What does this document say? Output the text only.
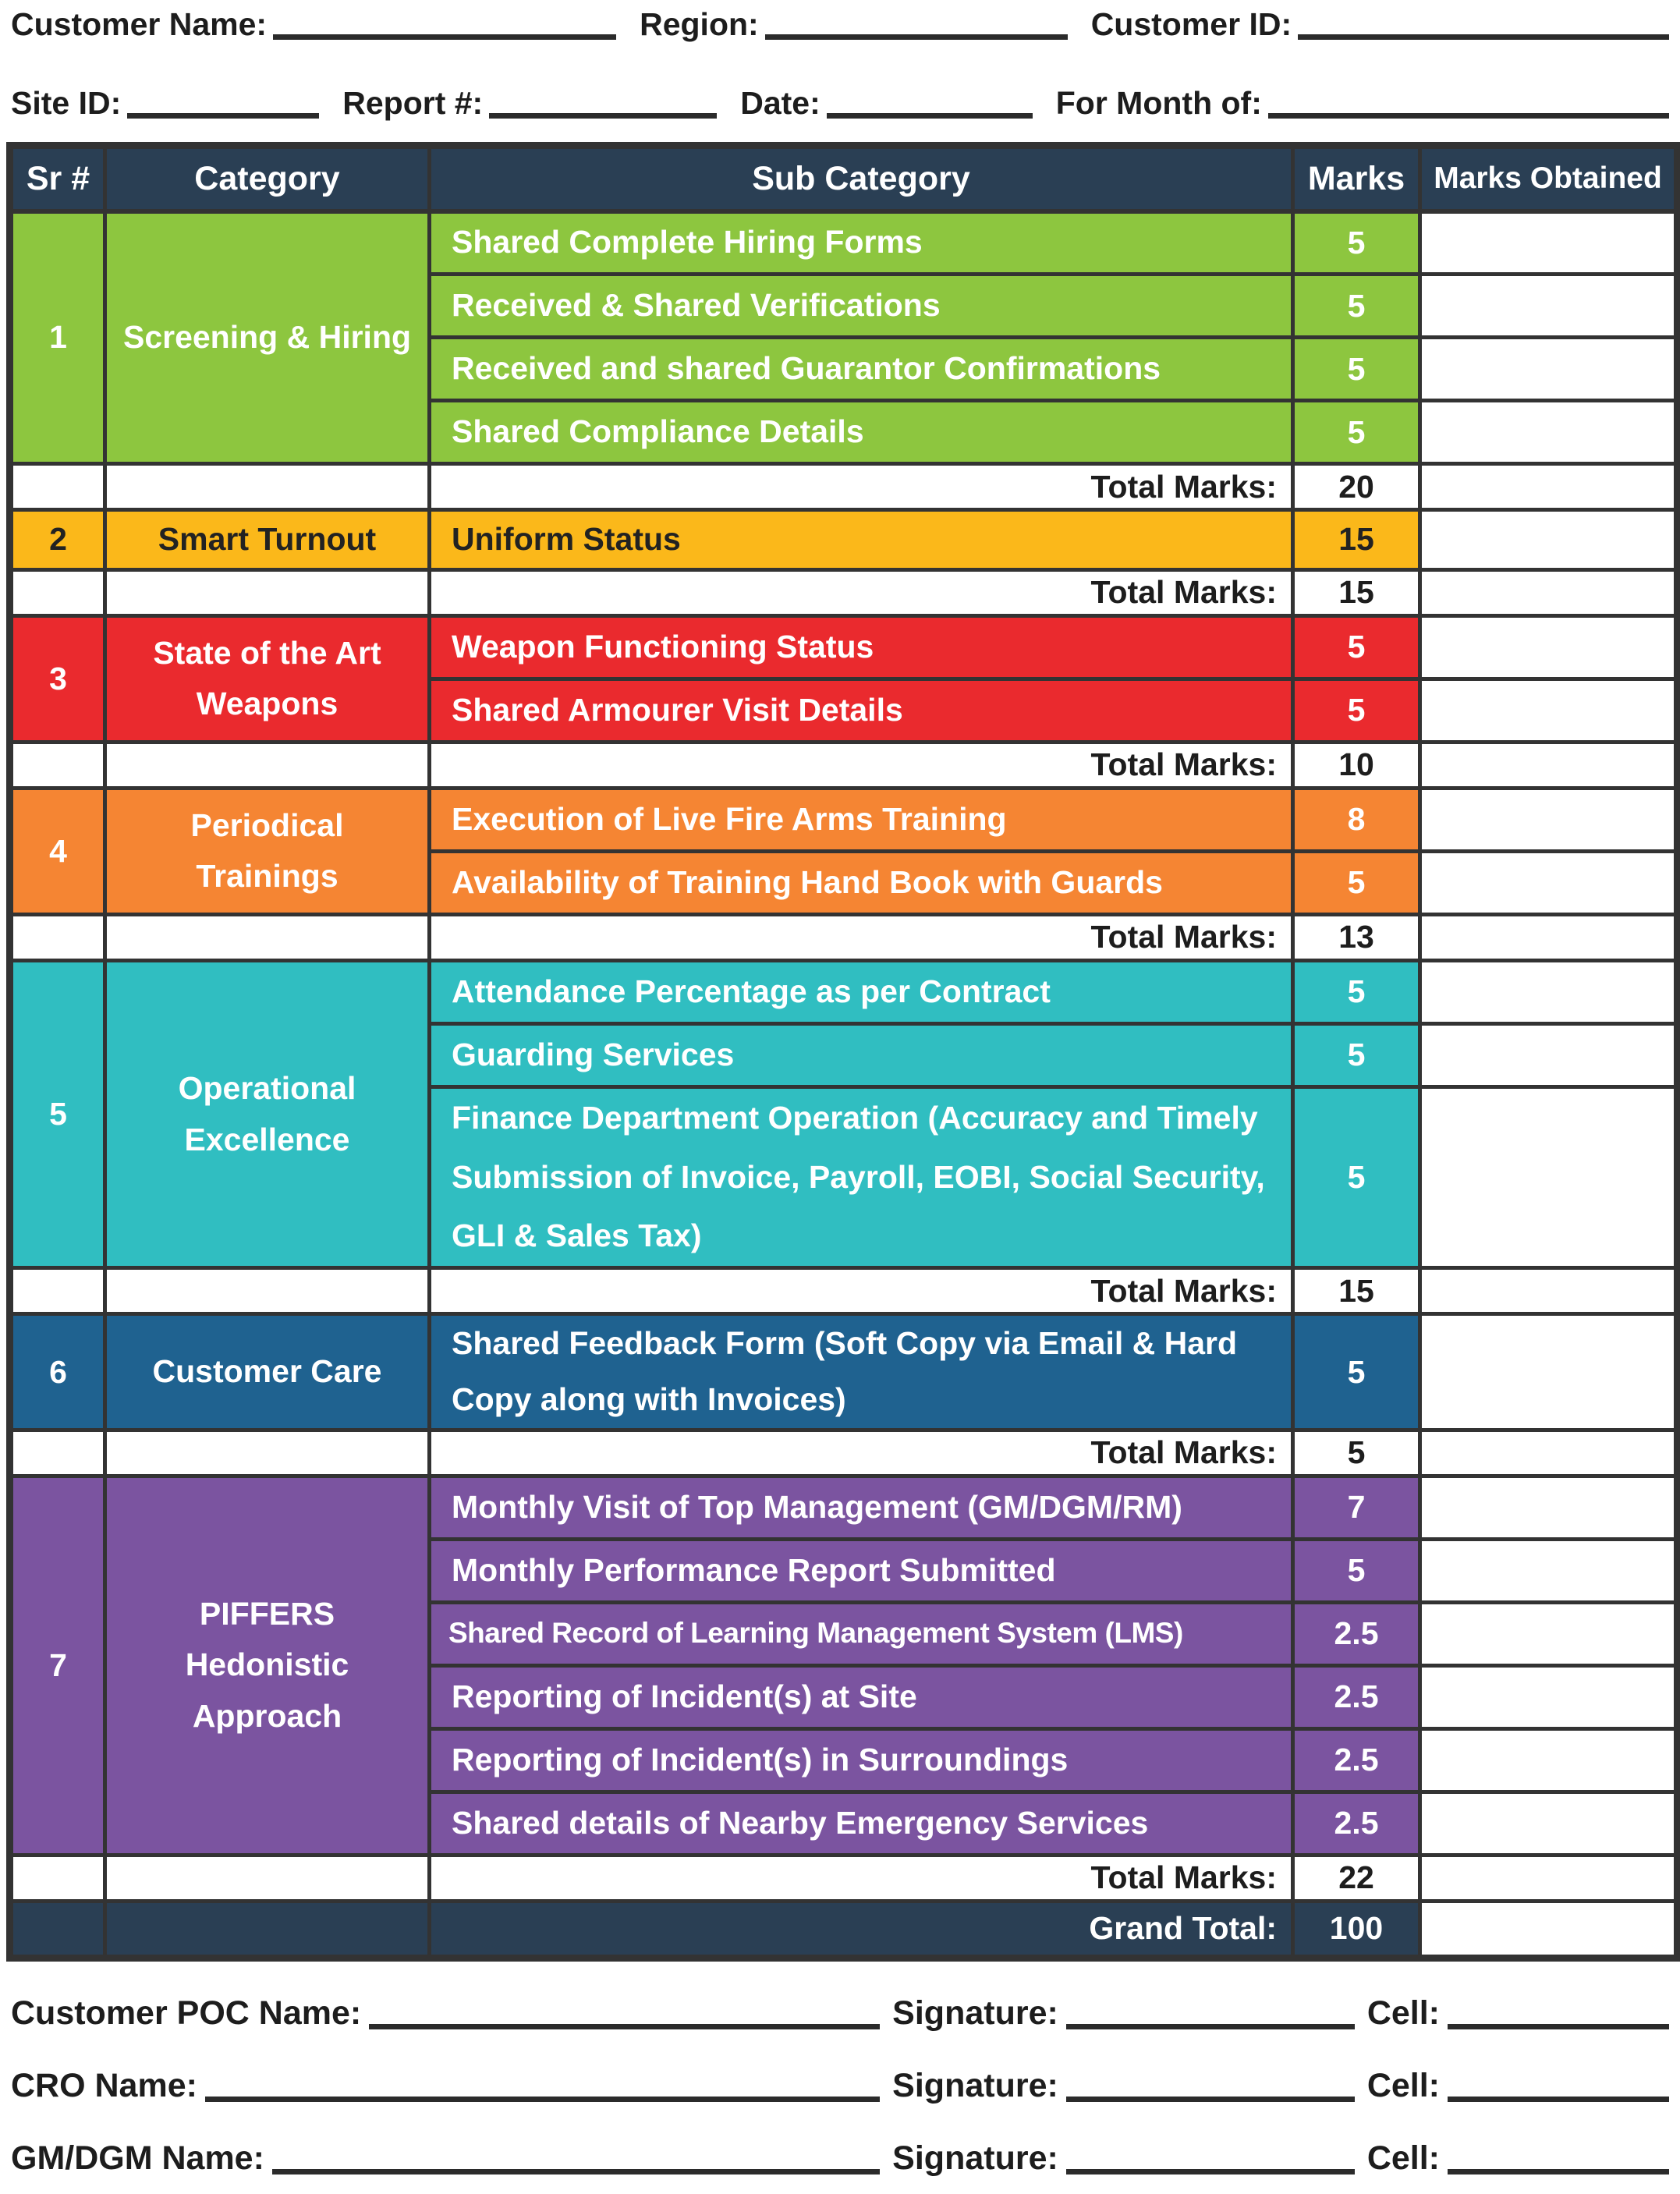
Customer Name:	Region:	Customer ID:
Site ID:	Report #:	Date:	For Month of:
Sr #	Category	Sub Category	Marks	Marks Obtained
1	Screening & Hiring	Shared Complete Hiring Forms	5	
		Received & Shared Verifications	5	
		Received and shared Guarantor Confirmations	5	
		Shared Compliance Details	5	
		Total Marks:	20	
2	Smart Turnout	Uniform Status	15	
		Total Marks:	15	
3	State of the Art Weapons	Weapon Functioning Status	5	
		Shared Armourer Visit Details	5	
		Total Marks:	10	
4	Periodical Trainings	Execution of Live Fire Arms Training	8	
		Availability of Training Hand Book with Guards	5	
		Total Marks:	13	
5	Operational Excellence	Attendance Percentage as per Contract	5	
		Guarding Services	5	
		Finance Department Operation (Accuracy and Timely Submission of Invoice, Payroll, EOBI, Social Security, GLI & Sales Tax)	5	
		Total Marks:	15	
6	Customer Care	Shared Feedback Form (Soft Copy via Email & Hard Copy along with Invoices)	5	
		Total Marks:	5	
7	PIFFERS Hedonistic Approach	Monthly Visit of Top Management (GM/DGM/RM)	7	
		Monthly Performance Report Submitted	5	
		Shared Record of Learning Management System (LMS)	2.5	
		Reporting of Incident(s) at Site	2.5	
		Reporting of Incident(s) in Surroundings	2.5	
		Shared details of Nearby Emergency Services	2.5	
		Total Marks:	22	
		Grand Total:	100	
Customer POC Name:	Signature:	Cell:
CRO Name:	Signature:	Cell:
GM/DGM Name:	Signature:	Cell:
